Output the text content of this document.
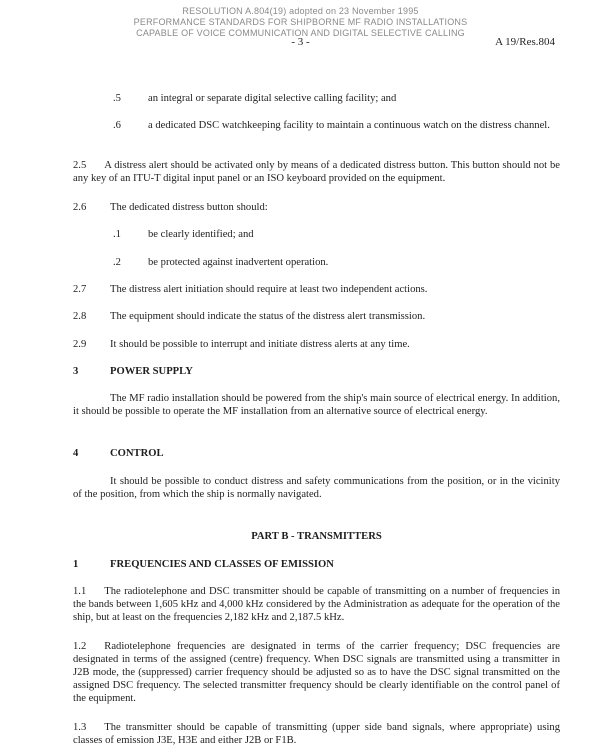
RESOLUTION A.804(19) adopted on 23 November 1995
PERFORMANCE STANDARDS FOR SHIPBORNE MF RADIO INSTALLATIONS
CAPABLE OF VOICE COMMUNICATION AND DIGITAL SELECTIVE CALLING
- 3 -	A 19/Res.804
.5	an integral or separate digital selective calling facility; and
.6	a dedicated DSC watchkeeping facility to maintain a continuous watch on the distress channel.
2.5 A distress alert should be activated only by means of a dedicated distress button. This button should not be any key of an ITU-T digital input panel or an ISO keyboard provided on the equipment.
2.6 The dedicated distress button should:
.1	be clearly identified; and
.2	be protected against inadvertent operation.
2.7 The distress alert initiation should require at least two independent actions.
2.8 The equipment should indicate the status of the distress alert transmission.
2.9 It should be possible to interrupt and initiate distress alerts at any time.
3	POWER SUPPLY
The MF radio installation should be powered from the ship's main source of electrical energy. In addition, it should be possible to operate the MF installation from an alternative source of electrical energy.
4	CONTROL
It should be possible to conduct distress and safety communications from the position, or in the vicinity of the position, from which the ship is normally navigated.
PART B - TRANSMITTERS
1	FREQUENCIES AND CLASSES OF EMISSION
1.1 The radiotelephone and DSC transmitter should be capable of transmitting on a number of frequencies in the bands between 1,605 kHz and 4,000 kHz considered by the Administration as adequate for the operation of the ship, but at least on the frequencies 2,182 kHz and 2,187.5 kHz.
1.2 Radiotelephone frequencies are designated in terms of the carrier frequency; DSC frequencies are designated in terms of the assigned (centre) frequency. When DSC signals are transmitted using a transmitter in J2B mode, the (suppressed) carrier frequency should be adjusted so as to have the DSC signal transmitted on the assigned DSC frequency. The selected transmitter frequency should be clearly identifiable on the control panel of the equipment.
1.3 The transmitter should be capable of transmitting (upper side band signals, where appropriate) using classes of emission J3E, H3E and either J2B or F1B.
